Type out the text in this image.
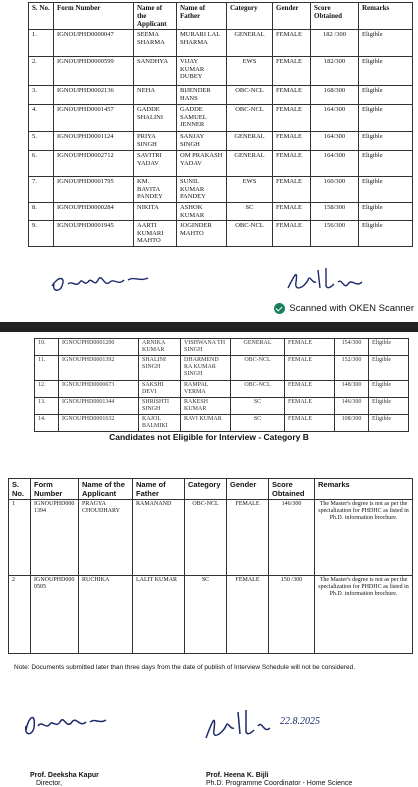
S. No.	Form Number	Name of the Applicant	Name of Father	Category	Gender	Score Obtained	Remarks
1.	IGNOUPHD0000047	SEEMA SHARMA	MURARI LAL SHARMA	GENERAL	FEMALE	182 /300	Eligible
2.	IGNOUPHD0000599	SANDHYA	VIJAY KUMAR DUBEY	EWS	FEMALE	182/300	Eligible
3.	IGNOUPHD0002136	NEHA	BIJENDER HANS	OBC-NCL	FEMALE	168/300	Eligible
4.	IGNOUPHD0001457	GADDE SHALINI	GADDE SAMUEL JENNER	OBC-NCL	FEMALE	164/300	Eligible
5.	IGNOUPHD0001124	PRIYA SINGH	SANJAY SINGH	GENERAL	FEMALE	164/300	Eligible
6.	IGNOUPHD0002712	SAVITRI YADAV	OM PRAKASH YADAV	GENERAL	FEMALE	164/300	Eligible
7.	IGNOUPHD0001795	KM. BAVITA PANDEY	SUNIL KUMAR PANDEY	EWS	FEMALE	160/300	Eligible
8.	IGNOUPHD0000284	NIKITA	ASHOK KUMAR	SC	FEMALE	158/300	Eligible
9.	IGNOUPHD0001945	AARTI KUMARI MAHTO	JOGINDER MAHTO	OBC-NCL	FEMALE	156/300	Eligible
Scanned with OKEN Scanner
10.	IGNOUPHD0001200	ARNIKA KUMAR	VISHWANA TH SINGH	GENERAL	FEMALE	154/300	Eligible
11.	IGNOUPHD0001392	SHALINI SINGH	DHARMEND RA KUMAR SINGH	OBC-NCL	FEMALE	152/300	Eligible
12.	IGNOUPHD0000673	SAKSHI DEVI	RAMPAL VERMA	OBC-NCL	FEMALE	148/300	Eligible
13.	IGNOUPHD0001344	SHRISHTI SINGH	RAKESH KUMAR	SC	FEMALE	146/300	Eligible
14.	IGNOUPHD0001632	KAJOL BALMIKI	RAVI KUMAR	SC	FEMALE	108/300	Eligible
Candidates not Eligible for Interview - Category B
S. No.	Form Number	Name of the Applicant	Name of Father	Category	Gender	Score Obtained	Remarks
1	IGNOUPHD000 1394	PRAGYA CHOUDHARY	RAMANAND	OBC-NCL	FEMALE	146/300	The Master's degree is not as per the specialization for PHDHC as listed in Ph.D. information brochure.
2	IGNOUPHD000 0505	RUCHIKA	LALIT KUMAR	SC	FEMALE	150 /300	The Master's degree is not as per the specialization for PHDHC as listed in Ph.D. information brochure.
Note: Documents submitted later than three days from the date of publish of Interview Schedule will not be considered.
22.8.2025
Prof. Deeksha Kapur
Director,
Prof. Heena K. Bijli
Ph.D. Programme Coordinator - Home Science
